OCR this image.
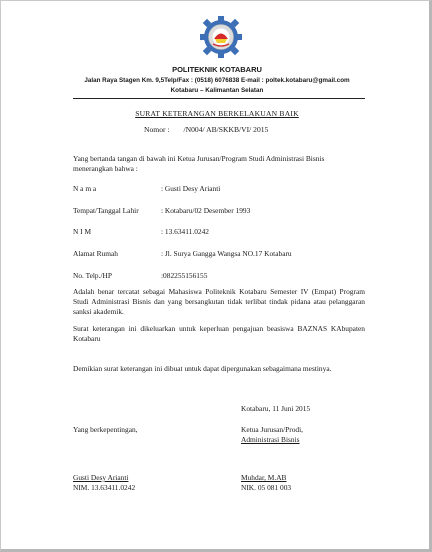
POLITEKNIK KOTABARU
Jalan Raya Stagen Km. 9,5Telp/Fax : (0518) 6076838 E-mail : poltek.kotabaru@gmail.com
Kotabaru – Kalimantan Selatan
SURAT KETERANGAN BERKELAKUAN BAIK
Nomor : /N004/ AB/SKKB/VI/ 2015
Yang bertanda tangan di bawah ini Ketua Jurusan/Program Studi Administrasi Bisnis menerangkan bahwa :
N a m a	: Gusti Desy Arianti
Tempat/Tanggal Lahir	: Kotabaru/02 Desember 1993
N I M	: 13.63411.0242
Alamat Rumah	: Jl. Surya Gangga Wangsa NO.17 Kotabaru
No. Telp./HP	:082255156155
Adalah benar tercatat sebagai Mahasiswa Politeknik Kotabaru Semester IV (Empat) Program Studi Administrasi Bisnis dan yang bersangkutan tidak terlibat tindak pidana atau pelanggaran sanksi akademik.
Surat keterangan ini dikeluarkan untuk keperluan pengajuan beasiswa BAZNAS KAbupaten Kotabaru
Demikian surat keterangan ini dibuat untuk dapat dipergunakan sebagaimana mestinya.
Kotabaru, 11 Juni 2015
Yang berkepentingan,	Ketua Jurusan/Prodi,
Administrasi Bisnis
Gusti Desy Arianti
NIM. 13.63411.0242
Muhdar, M.AB
NIK. 05 081 003
